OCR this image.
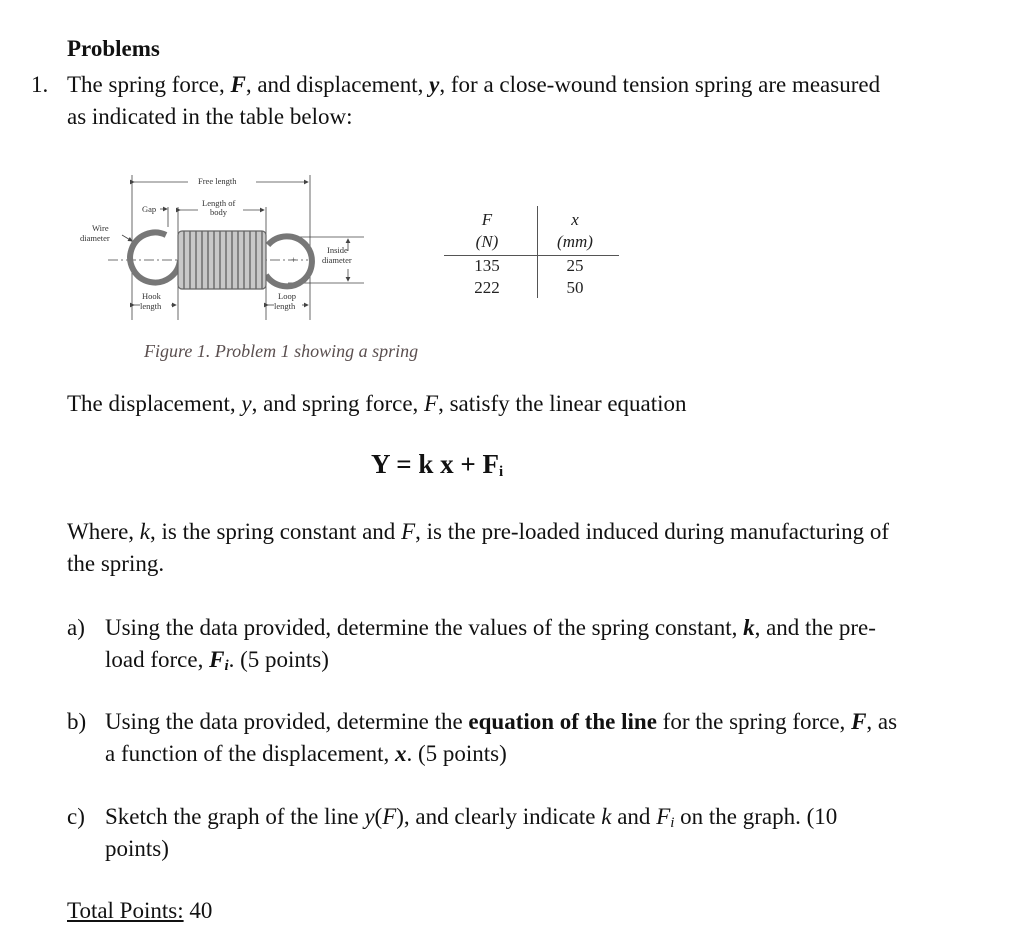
Problems
1. The spring force, F, and displacement, y, for a close-wound tension spring are measured
as indicated in the table below:
+
Free length
Gap
Length of
body
Wire
diameter
Inside
diameter
Hook
length
Loop
length
F
(N)
x
(mm)
135	25
222	50
Figure 1. Problem 1 showing a spring
The displacement, y, and spring force, F, satisfy the linear equation
Y = k $x + F_i$
Where, k, is the spring constant and F, is the pre-loaded induced during manufacturing of
the spring.
a) Using the data provided, determine the values of the spring constant, k, and the pre-
load force, $F_i$. (5 points)
b) Using the data provided, determine the equation of the line for the spring force, F, as
a function of the displacement, x. (5 points)
c) Sketch the graph of the line y(F), and clearly indicate k and $F_i$ on the graph. (10
points)
Total Points: 40
